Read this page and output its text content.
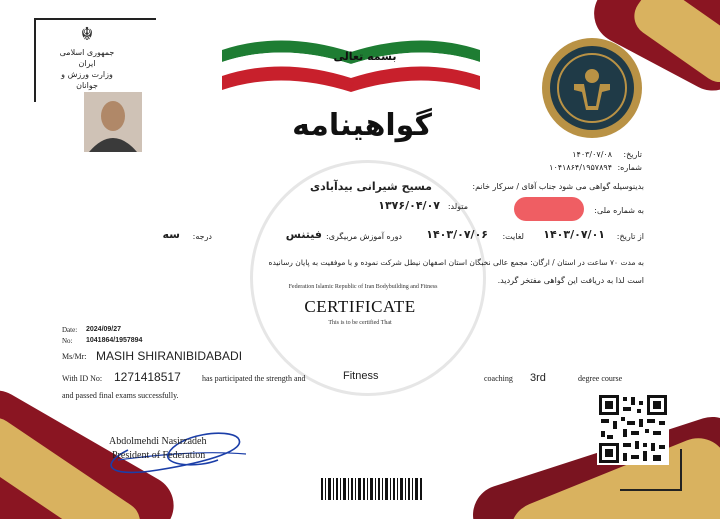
☬
جمهوری اسلامی ایران
وزارت ورزش و جوانان	☬
بسمه تعالی
گواهینامه
تاریخ:
۱۴۰۳/۰۷/۰۸
شماره:
۱۰۴۱۸۶۴/۱۹۵۷۸۹۴
بدینوسیله گواهی می شود جناب آقای / سرکار خانم:
مسیح شیرانی بیدآبادی
متولد:
۱۳۷۶/۰۴/۰۷	به شماره ملی:
از تاریخ:
۱۴۰۳/۰۷/۰۱
لغایت:
۱۴۰۳/۰۷/۰۶
دوره آموزش مربیگری:
فیتنس
درجه:
سه
به مدت ۷۰ ساعت در استان / ارگان: مجمع عالی نخبگان استان اصفهان نیطل شرکت نموده و با موفقیت به پایان رسانیده
است لذا به دریافت این گواهی مفتخر گردید.
Federation Islamic Republic of Iran Bodybuilding and Fitness
CERTIFICATE
This is to be certified That
Date: 2024/09/27
No: 1041864/1957894
Ms/Mr: MASIH SHIRANIBIDABADI
With ID No: 1271418517	has participated the strength and	Fitness	coaching 3rd	degree course
and passed final exams successfully.
Abdolmehdi Nasirzadeh
President of Federation
